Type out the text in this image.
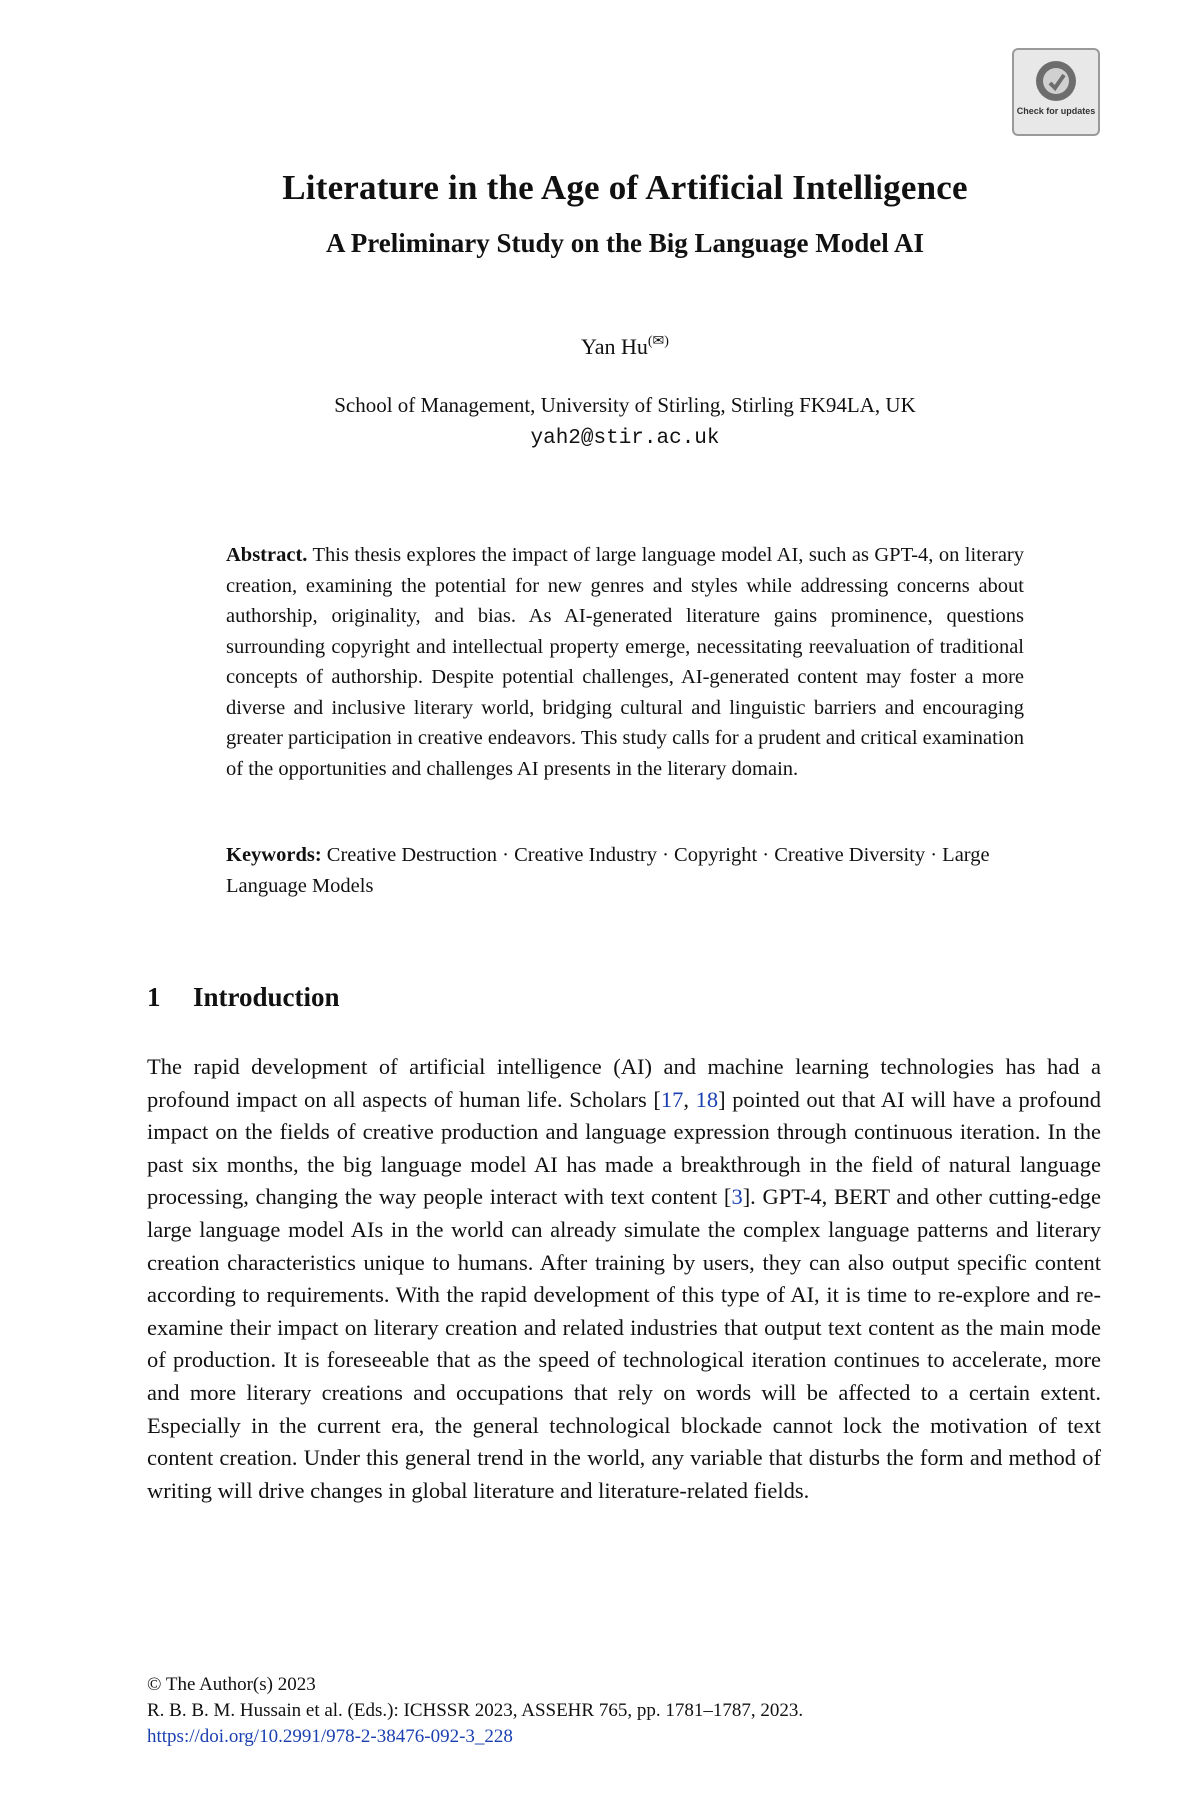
Check for updates
Literature in the Age of Artificial Intelligence
A Preliminary Study on the Big Language Model AI
Yan Hu(✉)
School of Management, University of Stirling, Stirling FK94LA, UK
yah2@stir.ac.uk
Abstract. This thesis explores the impact of large language model AI, such as GPT-4, on literary creation, examining the potential for new genres and styles while addressing concerns about authorship, originality, and bias. As AI-generated literature gains prominence, questions surrounding copyright and intellectual property emerge, necessitating reevaluation of traditional concepts of authorship. Despite potential challenges, AI-generated content may foster a more diverse and inclusive literary world, bridging cultural and linguistic barriers and encouraging greater participation in creative endeavors. This study calls for a prudent and critical examination of the opportunities and challenges AI presents in the literary domain.
Keywords: Creative Destruction · Creative Industry · Copyright · Creative Diversity · Large Language Models
1 Introduction
The rapid development of artificial intelligence (AI) and machine learning technologies has had a profound impact on all aspects of human life. Scholars [17, 18] pointed out that AI will have a profound impact on the fields of creative production and language expression through continuous iteration. In the past six months, the big language model AI has made a breakthrough in the field of natural language processing, changing the way people interact with text content [3]. GPT-4, BERT and other cutting-edge large language model AIs in the world can already simulate the complex language patterns and literary creation characteristics unique to humans. After training by users, they can also output specific content according to requirements. With the rapid development of this type of AI, it is time to re-explore and re-examine their impact on literary creation and related industries that output text content as the main mode of production. It is foreseeable that as the speed of technological iteration continues to accelerate, more and more literary creations and occupations that rely on words will be affected to a certain extent. Especially in the current era, the general technological blockade cannot lock the motivation of text content creation. Under this general trend in the world, any variable that disturbs the form and method of writing will drive changes in global literature and literature-related fields.
© The Author(s) 2023
R. B. B. M. Hussain et al. (Eds.): ICHSSR 2023, ASSEHR 765, pp. 1781–1787, 2023.
https://doi.org/10.2991/978-2-38476-092-3_228
